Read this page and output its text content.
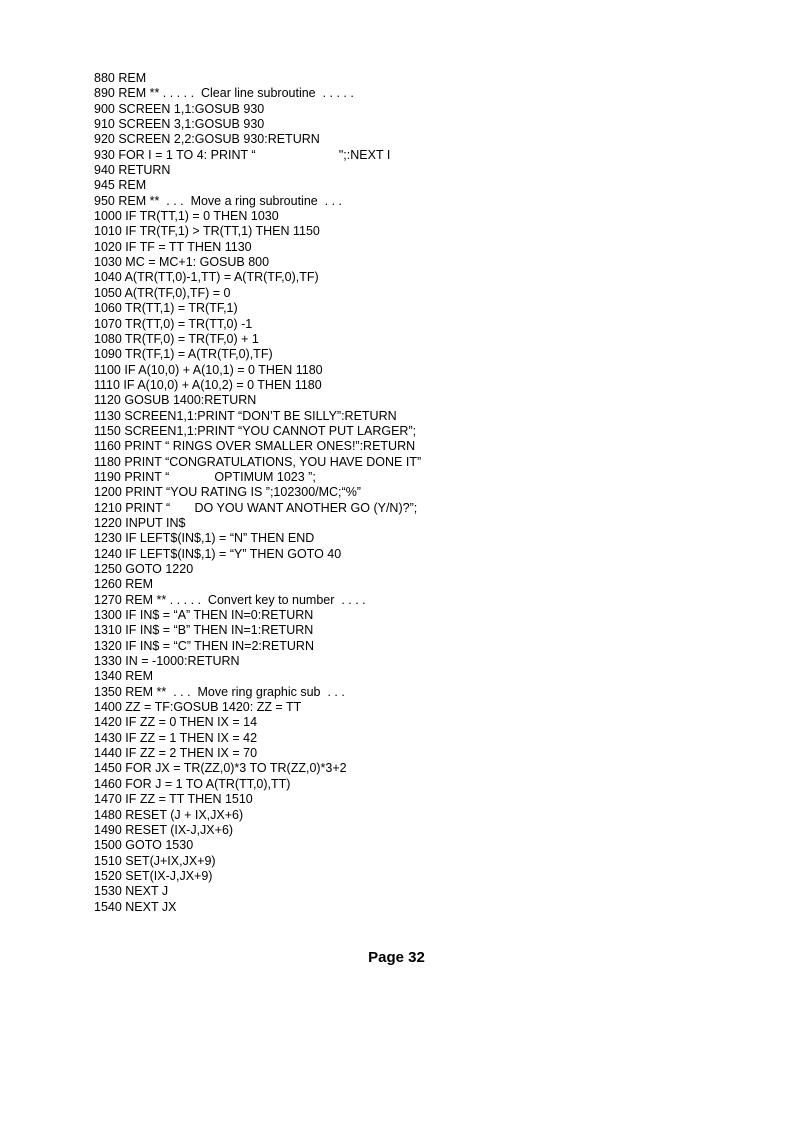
880 REM
890 REM ** . . . . .  Clear line subroutine  . . . . .
900 SCREEN 1,1:GOSUB 930
910 SCREEN 3,1:GOSUB 930
920 SCREEN 2,2:GOSUB 930:RETURN
930 FOR I = 1 TO 4: PRINT “                        ";:NEXT I
940 RETURN
945 REM
950 REM **  . . .  Move a ring subroutine  . . .
1000 IF TR(TT,1) = 0 THEN 1030
1010 IF TR(TF,1) > TR(TT,1) THEN 1150
1020 IF TF = TT THEN 1130
1030 MC = MC+1: GOSUB 800
1040 A(TR(TT,0)-1,TT) = A(TR(TF,0),TF)
1050 A(TR(TF,0),TF) = 0
1060 TR(TT,1) = TR(TF,1)
1070 TR(TT,0) = TR(TT,0) -1
1080 TR(TF,0) = TR(TF,0) + 1
1090 TR(TF,1) = A(TR(TF,0),TF)
1100 IF A(10,0) + A(10,1) = 0 THEN 1180
1110 IF A(10,0) + A(10,2) = 0 THEN 1180
1120 GOSUB 1400:RETURN
1130 SCREEN1,1:PRINT “DON’T BE SILLY”:RETURN
1150 SCREEN1,1:PRINT “YOU CANNOT PUT LARGER”;
1160 PRINT “ RINGS OVER SMALLER ONES!”:RETURN
1180 PRINT “CONGRATULATIONS, YOU HAVE DONE IT”
1190 PRINT “             OPTIMUM 1023 ”;
1200 PRINT “YOU RATING IS ”;102300/MC;“%”
1210 PRINT “       DO YOU WANT ANOTHER GO (Y/N)?”;
1220 INPUT IN$
1230 IF LEFT$(IN$,1) = “N” THEN END
1240 IF LEFT$(IN$,1) = “Y” THEN GOTO 40
1250 GOTO 1220
1260 REM
1270 REM ** . . . . .  Convert key to number  . . . .
1300 IF IN$ = “A” THEN IN=0:RETURN
1310 IF IN$ = “B” THEN IN=1:RETURN
1320 IF IN$ = “C” THEN IN=2:RETURN
1330 IN = -1000:RETURN
1340 REM
1350 REM **  . . .  Move ring graphic sub  . . .
1400 ZZ = TF:GOSUB 1420: ZZ = TT
1420 IF ZZ = 0 THEN IX = 14
1430 IF ZZ = 1 THEN IX = 42
1440 IF ZZ = 2 THEN IX = 70
1450 FOR JX = TR(ZZ,0)*3 TO TR(ZZ,0)*3+2
1460 FOR J = 1 TO A(TR(TT,0),TT)
1470 IF ZZ = TT THEN 1510
1480 RESET (J + IX,JX+6)
1490 RESET (IX-J,JX+6)
1500 GOTO 1530
1510 SET(J+IX,JX+9)
1520 SET(IX-J,JX+9)
1530 NEXT J
1540 NEXT JX
Page 32
